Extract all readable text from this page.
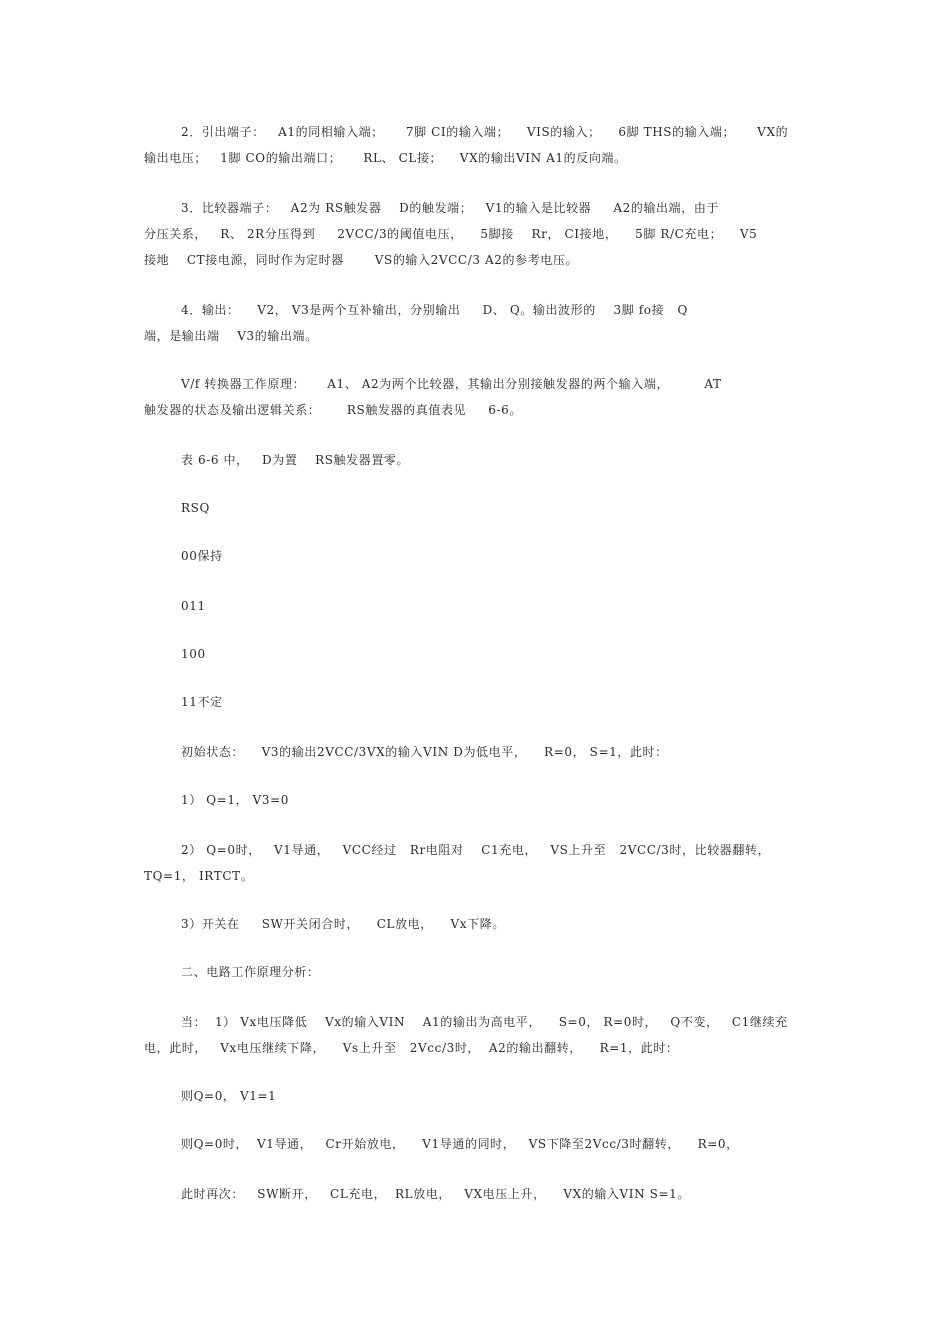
2．引出端子：   A1的同相输入端；     7脚 CI的输入端；    VIS的输入；    6脚 THS的输入端；     VX的
输出电压；   1脚 CO的输出端口；     RL、 CL接；    VX的输出VIN A1的反向端。
3．比较器端子：   A2为 RS触发器    D的触发端；   V1的输入是比较器     A2的输出端，由于
分压关系，   R、 2R分压得到     2VCC/3的阈值电压，    5脚接    Rr， CI接地，    5脚 R/C充电；    V5
接地    CT接电源，同时作为定时器       VS的输入2VCC/3 A2的参考电压。
4．输出：    V2， V3是两个互补输出，分别输出     D、 Q。输出波形的    3脚 fo接   Q
端，是输出端    V3的输出端。
V/f 转换器工作原理：     A1、 A2为两个比较器，其输出分别接触发器的两个输入端，        AT
触发器的状态及输出逻辑关系：      RS触发器的真值表见     6-6。
表 6-6 中，   D为置    RS触发器置零。
RSQ
00保持
011
100
11不定
初始状态：    V3的输出2VCC/3VX的输入VIN D为低电平，    R=0， S=1，此时：
1） Q=1， V3=0
2） Q=0时，   V1导通，   VCC经过   Rr电阻对    C1充电，   VS上升至   2VCC/3时，比较器翻转，
TQ=1， IRTCT。
3）开关在     SW开关闭合时，    CL放电，    Vx下降。
二、电路工作原理分析：
当：  1） Vx电压降低    Vx的输入VIN    A1的输出为高电平，    S=0， R=0时，   Q不变，   C1继续充
电，此时，   Vx电压继续下降，    Vs上升至   2Vcc/3时，  A2的输出翻转，    R=1，此时：
则Q=0， V1=1
则Q=0时，  V1导通，   Cr开始放电，    V1导通的同时，   VS下降至2Vcc/3时翻转，    R=0，
此时再次：   SW断开，   CL充电，  RL放电，   VX电压上升，    VX的输入VIN S=1。
